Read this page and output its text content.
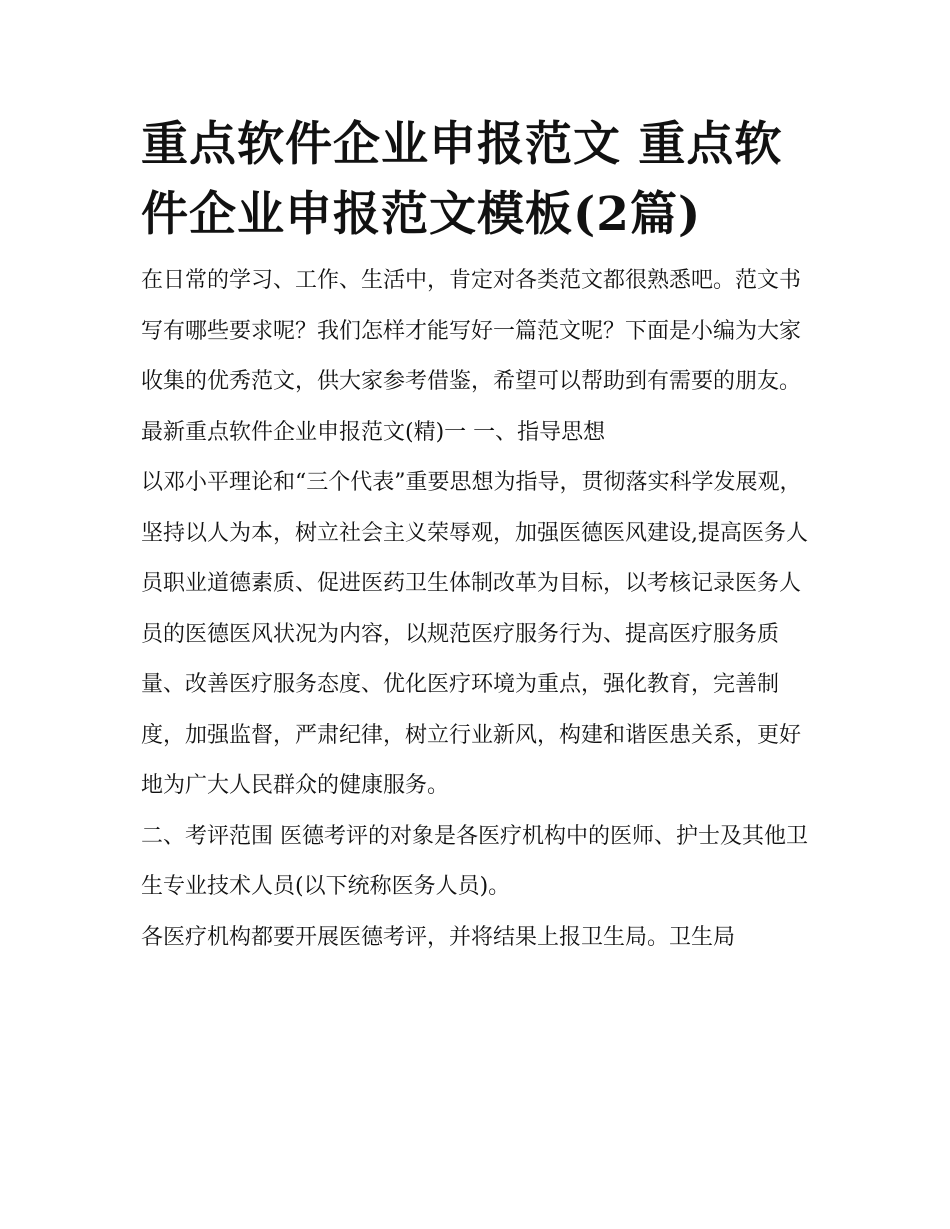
重点软件企业申报范文 重点软件企业申报范文模板(2篇)

在日常的学习、工作、生活中，肯定对各类范文都很熟悉吧。范文书写有哪些要求呢？我们怎样才能写好一篇范文呢？下面是小编为大家收集的优秀范文，供大家参考借鉴，希望可以帮助到有需要的朋友。

最新重点软件企业申报范文(精)一 一、指导思想

以邓小平理论和“三个代表”重要思想为指导，贯彻落实科学发展观，坚持以人为本，树立社会主义荣辱观，加强医德医风建设,提高医务人员职业道德素质、促进医药卫生体制改革为目标，以考核记录医务人员的医德医风状况为内容，以规范医疗服务行为、提高医疗服务质量、改善医疗服务态度、优化医疗环境为重点，强化教育，完善制度，加强监督，严肃纪律，树立行业新风，构建和谐医患关系，更好地为广大人民群众的健康服务。

二、考评范围 医德考评的对象是各医疗机构中的医师、护士及其他卫生专业技术人员(以下统称医务人员)。

各医疗机构都要开展医德考评，并将结果上报卫生局。卫生局
